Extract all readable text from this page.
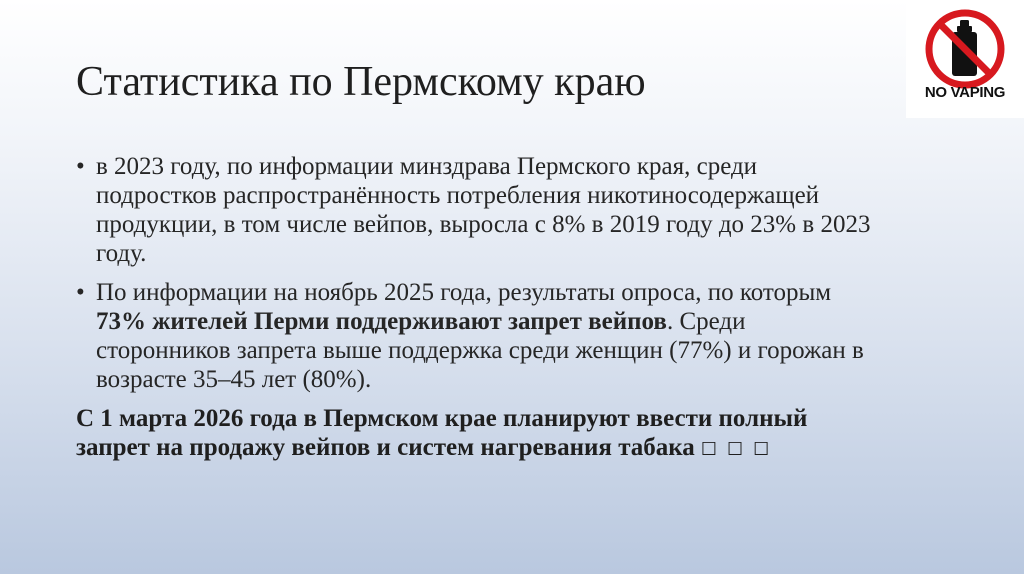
Статистика по Пермскому краю	NO VAPING
• в 2023 году, по информации минздрава Пермского края, среди подростков распространённость потребления никотиносодержащей продукции, в том числе вейпов, выросла с 8% в 2019 году до 23% в 2023 году.
• По информации на ноябрь 2025 года, результаты опроса, по которым 73% жителей Перми поддерживают запрет вейпов. Среди сторонников запрета выше поддержка среди женщин (77%) и горожан в возрасте 35–45 лет (80%).
С 1 марта 2026 года в Пермском крае планируют ввести полный запрет на продажу вейпов и систем нагревания табака ☐☐☐
